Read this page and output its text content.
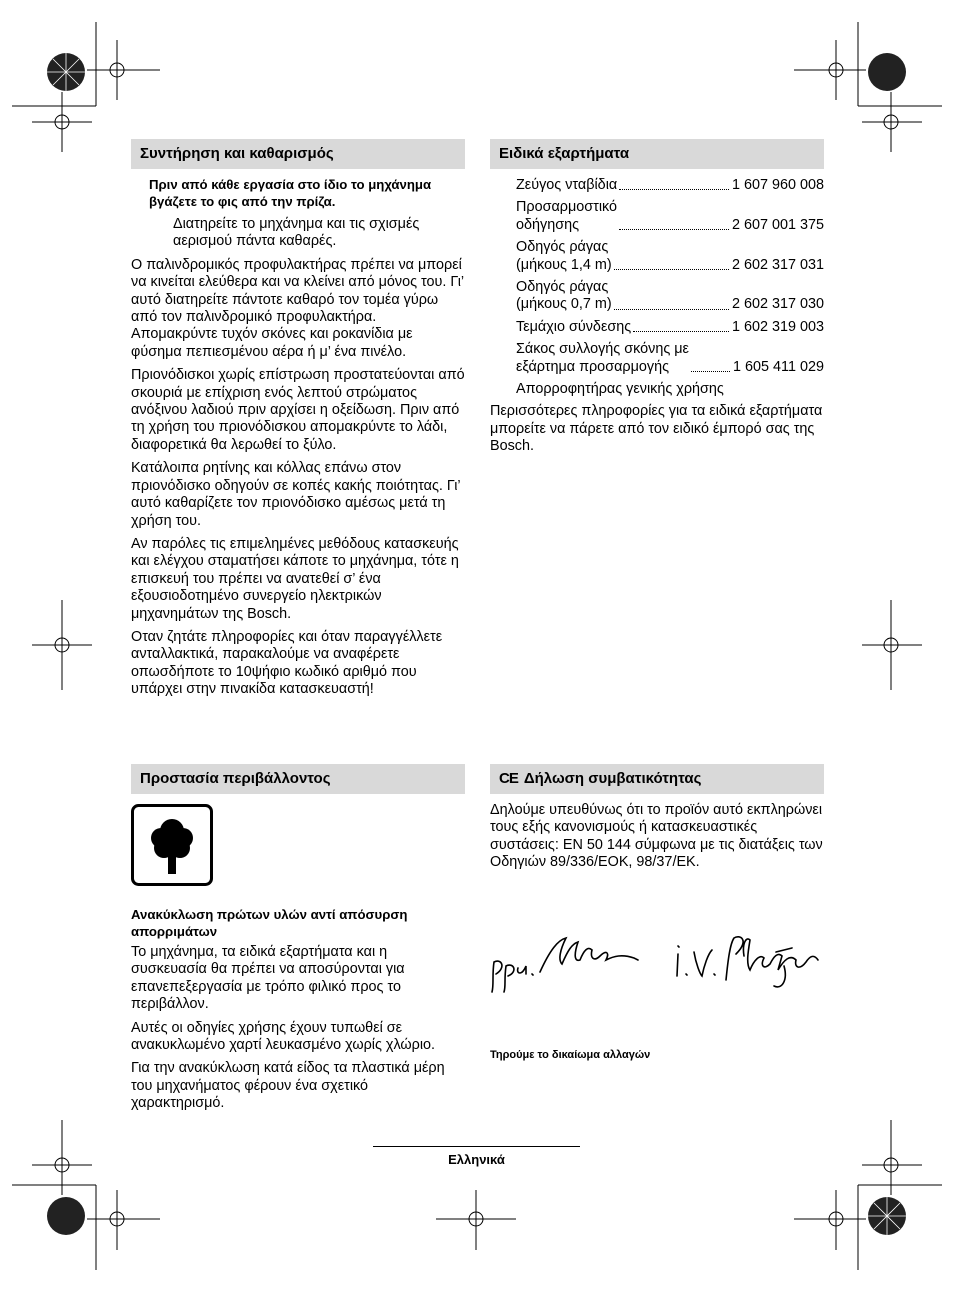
Συντήρηση και καθαρισμός

Πριν από κάθε εργασία στο ίδιο το μηχάνημα βγάζετε το φις από την πρίζα.

Διατηρείτε το μηχάνημα και τις σχισμές αερισμού πάντα καθαρές.

Ο παλινδρομικός προφυλακτήρας πρέπει να μπορεί να κινείται ελεύθερα και να κλείνει από μόνος του. Γι’ αυτό διατηρείτε πάντοτε καθαρό τον τομέα γύρω από τον παλινδρομικό προφυλακτήρα. Απομακρύντε τυχόν σκόνες και ροκανίδια με φύσημα πεπιεσμένου αέρα ή μ’ ένα πινέλο.

Πριονόδισκοι χωρίς επίστρωση προστατεύονται από σκουριά με επίχριση ενός λεπτού στρώματος ανόξινου λαδιού πριν αρχίσει η οξείδωση. Πριν από τη χρήση του πριονόδισκου απομακρύντε το λάδι, διαφορετικά θα λερωθεί το ξύλο.

Κατάλοιπα ρητίνης και κόλλας επάνω στον πριονόδισκο οδηγούν σε κοπές κακής ποιότητας. Γι’ αυτό καθαρίζετε τον πριονόδισκο αμέσως μετά τη χρήση του.

Αν παρόλες τις επιμελημένες μεθόδους κατασκευής και ελέγχου σταματήσει κάποτε το μηχάνημα, τότε η επισκευή του πρέπει να ανατεθεί σ’ ένα εξουσιοδοτημένο συνεργείο ηλεκτρικών μηχανημάτων της Bosch.

Οταν ζητάτε πληροφορίες και όταν παραγγέλλετε ανταλλακτικά, παρακαλούμε να αναφέρετε οπωσδήποτε το 10ψήφιο κωδικό αριθμό που υπάρχει στην πινακίδα κατασκευαστή!

Ειδικά εξαρτήματα
Ζεύγος νταβίδια	1 607 960 008
Προσαρμοστικό
οδήγησης	2 607 001 375
Οδηγός ράγας
(μήκους 1,4 m)	2 602 317 031
Οδηγός ράγας
(μήκους 0,7 m)	2 602 317 030
Τεμάχιο σύνδεσης	1 602 319 003
Σάκος συλλογής σκόνης με
εξάρτημα προσαρμογής	1 605 411 029
Απορροφητήρας γενικής χρήσης

Περισσότερες πληροφορίες για τα ειδικά εξαρτήματα μπορείτε να πάρετε από τον ειδικό έμπορό σας της Bosch.

Προστασία περιβάλλοντος

Ανακύκλωση πρώτων υλών αντί απόσυρση απορριμάτων

Το μηχάνημα, τα ειδικά εξαρτήματα και η συσκευασία θα πρέπει να αποσύρονται για επανεπεξεργασία με τρόπο φιλικό προς το περιβάλλον.

Αυτές οι οδηγίες χρήσης έχουν τυπωθεί σε ανακυκλωμένο χαρτί λευκασμένο χωρίς χλώριο.

Για την ανακύκλωση κατά είδος τα πλαστικά μέρη του μηχανήματος φέρουν ένα σχετικό χαρακτηρισμό.

CE Δήλωση συμβατικότητας

Δηλούμε υπευθύνως ότι το προϊόν αυτό εκπληρώνει τους εξής κανονισμούς ή κατασκευαστικές συστάσεις: EN 50 144 σύμφωνα με τις διατάξεις των Οδηγιών 89/336/ΕΟΚ, 98/37/ΕΚ.

Τηρούμε το δικαίωμα αλλαγών
Ελληνικά
